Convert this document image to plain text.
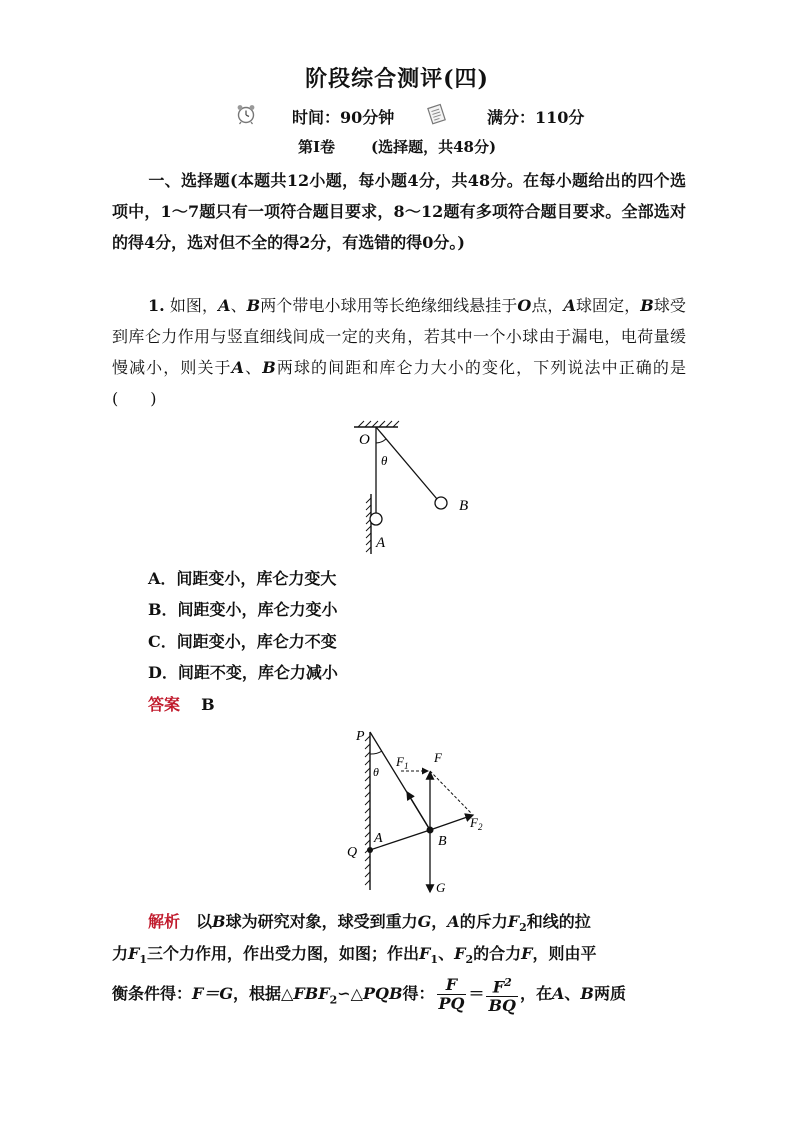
阶段综合测评(四)
时间：90分钟	满分：110分
第Ⅰ卷 (选择题，共48分)
一、选择题(本题共12小题，每小题4分，共48分。在每小题给出的四个选项中，1～7题只有一项符合题目要求，8～12题有多项符合题目要求。全部选对的得4分，选对但不全的得2分，有选错的得0分。)
1. 如图，A、B两个带电小球用等长绝缘细线悬挂于O点，A球固定，B球受到库仑力作用与竖直细线间成一定的夹角，若其中一个小球由于漏电，电荷量缓慢减小，则关于A、B两球的间距和库仑力大小的变化，下列说法中正确的是　(　　)
O
θ
B
A
A．间距变小，库仑力变大
B．间距变小，库仑力变小
C．间距变小，库仑力不变
D．间距不变，库仑力减小
答案 B
P
θ
$F_1$
F
$F_2$
A	B
Q
G
解析　 以B球为研究对象，球受到重力G，A的斥力$F_2$和线的拉
力$F_1$三个力作用，作出受力图，如图；作出$F_1$、$F_2$的合力F，则由平
衡条件得：F＝G，根据$\triangle FBF_2∽\triangle PQB$得： $\frac{F}{PQ} = \frac{F^2}{BQ}$ ，在A、B两质
